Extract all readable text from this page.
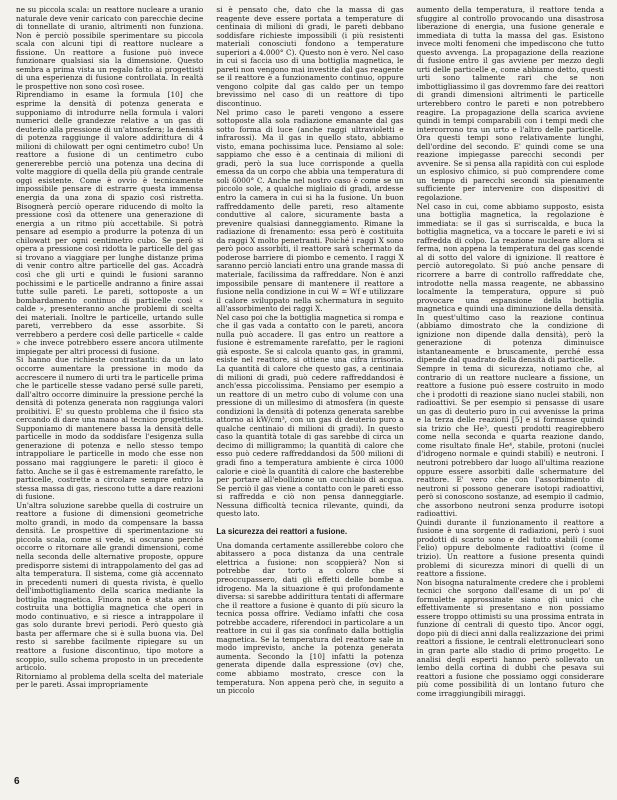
ne su piccola scala: un reattore nucleare a uranio naturale deve venir caricato con parecchie decine di tonnellate di uranio, altrimenti non funziona. Non è perciò possibile sperimentare su piccola scala con alcuni tipi di reattore nucleare a fissione. Un reattore a fusione può invece funzionare qualsiasi sia la dimensione. Questo sembra a prima vista un regalo fatto ai progettisti di una esperienza di fusione controllata. In realtà le prospettive non sono così rosee.

Riprendiamo in esame la formula [10] che esprime la densità di potenza generata e supponiamo di introdurre nella formula i valori numerici delle grandezze relative a un gas di deuterio alla pressione di un'atmosfera; la densità di potenza raggiunge il valore addirittura di 4 milioni di chilowatt per ogni centimetro cubo! Un reattore a fusione di un centimetro cubo genererebbe perciò una potenza una decina di volte maggiore di quella della più grande centrale oggi esistente. Come è ovvio è tecnicamente impossibile pensare di estrarre questa immensa energia da una zona di spazio così ristretta. Bisognerà perciò operare riducendo di molto la pressione così da ottenere una generazione di energia a un ritmo più accettabile. Si potrà pensare ad esempio a produrre la potenza di un chilowatt per ogni centimetro cubo. Se però si opera a pressione così ridotta le particelle del gas si trovano a viaggiare per lunghe distanze prima di venir contro altre particelle del gas. Accadrà così che gli urti e quindi le fusioni saranno pochissimi e le particelle andranno a finire assai tutte sulle pareti. Le pareti, sottoposte a un bombardamento continuo di particelle così « calde », presenteranno anche problemi di scelta dei materiali. Inoltre le particelle, urtando sulle pareti, verrebbero da esse assorbite. Si verrebbero a perdere così delle particelle « calde » che invece potrebbero essere ancora utilmente impiegate per altri processi di fusione.

Si hanno due richieste contrastanti: da un lato occorre aumentare la pressione in modo da accrescere il numero di urti tra le particelle prima che le particelle stesse vadano persé sulle pareti, dall'altro occorre diminuire la pressione perché la densità di potenza generata non raggiunga valori proibitivi. E' su questo problema che il fisico sta cercando di dare una mano al tecnico progettista. Supponiamo di mantenere bassa la densità delle particelle in modo da soddisfare l'esigenza sulla generazione di potenza e nello stesso tempo intrappoliare le particelle in modo che esse non possano mai raggiungere le pareti: il gioco è fatto. Anche se il gas è estremamente rarefatto, le particelle, costrette a circolare sempre entro la stessa massa di gas, riescono tutte a dare reazioni di fusione.

Un'altra soluzione sarebbe quella di costruire un reattore a fusione di dimensioni geometriche molto grandi, in modo da compensare la bassa densità. Le prospettive di sperimentazione su piccola scala, come si vede, si oscurano perché occorre o ritornare alle grandi dimensioni, come nella seconda delle alternative proposte, oppure predisporre sistemi di intrappolamento del gas ad alta temperatura. Il sistema, come già accennato in precedenti numeri di questa rivista, è quello dell'imbottigliamento della scarica mediante la bottiglia magnetica. Finora non è stata ancora costruita una bottiglia magnetica che operi in modo continuativo, e si riesce a intrappolare il gas solo durante brevi periodi. Però questo già basta per affermare che si è sulla buona via. Del resto si sarebbe facilmente ripiegare su un reattore a fusione discontinuo, tipo motore a scoppio, sullo schema proposto in un precedente articolo.

Ritorniamo al problema della scelta del materiale per le pareti. Assai impropriamente

si è pensato che, dato che la massa di gas reagente deve essere portata a temperature di centinaia di milioni di gradi, le pareti debbano soddisfare richieste impossibili (i più resistenti materiali conosciuti fondono a temperature superiori a 4.000° C). Questo non è vero. Nel caso in cui si faccia uso di una bottiglia magnetica, le pareti non vengono mai investite dal gas reagente se il reattore è a funzionamento continuo, oppure vengono colpite dal gas caldo per un tempo brevissimo nel caso di un reattore di tipo discontinuo.

Nel primo caso le pareti vengono a essere sottoposte alla sola radiazione emanante dal gas sotto forma di luce (anche raggi ultravioletti e infrarossi). Ma il gas in quello stato, abbiamo visto, emana pochissima luce. Pensiamo al sole: sappiamo che esso è a centinaia di milioni di gradi, però la sua luce corrisponde a quella emessa da un corpo che abbia una temperatura di soli 6000° C. Anche nel nostro caso è come se un piccolo sole, a qualche migliaio di gradi, ardesse entro la camera in cui si ha la fusione. Un buon raffreddamento delle pareti, reso altamente conduttive al calore, sicuramente basta a prevenire qualsiasi danneggiamento. Rimane la radiazione di frenamento: essa però è costituita da raggi X molto penetranti. Poiché i raggi X sono però poco assorbiti, il reattore sarà schermato da poderose barriere di piombo e cemento. I raggi X saranno perciò lanciati entro una grande massa di materiale, facilissima da raffreddare. Non è anzi impossibile pensare di mantenere il reattore a fusione nella condizione in cui W = Wf e utilizzare il calore sviluppato nella schermatura in seguito all'assorbimento dei raggi X.

Nel caso poi che la bottiglia magnetica si rompa e che il gas vada a contatto con le pareti, ancora nulla può accadere. Il gas entro un reattore a fusione è estremamente rarefatto, per le ragioni già esposte. Se si calcola quanto gas, in grammi, esiste nel reattore, si ottiene una cifra irrisoria. La quantità di calore che questo gas, a centinaia di milioni di gradi, può cedere raffreddandosi è anch'essa piccolissima. Pensiamo per esempio a un reattore di un metro cubo di volume con una pressione di un millesimo di atmosfera (in queste condizioni la densità di potenza generata sarebbe attorno ai kW/cm³, con un gas di deuterio puro a qualche centinaio di milioni di gradi). In questo caso la quantità totale di gas sarebbe di circa un decimo di milligrammo; la quantità di calore che esso può cedere raffreddandosi da 500 milioni di gradi fino a temperatura ambiente è circa 1000 calorie e cioè la quantità di calore che basterebbe per portare all'ebollizione un cucchiaio di acqua. Se perciò il gas viene a contatto con le pareti esso si raffredda e ciò non pensa danneggiarle. Nessuna difficoltà tecnica rilevante, quindi, da questo lato.

La sicurezza dei reattori a fusione.

Una domanda certamente assillerebbe coloro che abitassero a poca distanza da una centrale elettrica a fusione: non scoppierà? Non si potrebbe dar torto a coloro che si preoccupassero, dati gli effetti delle bombe a idrogeno. Ma la situazione è qui profondamente diversa: si sarebbe addirittura tentati di affermare che il reattore a fusione è quanto di più sicuro la tecnica possa offrire. Vediamo infatti che cosa potrebbe accadere, riferendoci in particolare a un reattore in cui il gas sia confinato dalla bottiglia magnetica. Se la temperatura del reattore sale in modo imprevisto, anche la potenza generata aumenta. Secondo la [10] infatti la potenza generata dipende dalla espressione (σv) che, come abbiamo mostrato, cresce con la temperatura. Non appena però che, in seguito a un piccolo

aumento della temperatura, il reattore tenda a sfuggire al controllo provocando una disastrosa liberazione di energia, una fusione generale e immediata di tutta la massa del gas. Esistono invece molti fenomeni che impediscono che tutto questo avvenga. La propagazione della reazione di fusione entro il gas avviene per mezzo degli urti delle particelle e, come abbiamo detto, questi urti sono talmente rari che se non imbottigliassimo il gas dovremmo fare dei reattori di grandi dimensioni altrimenti le particelle urterebbero contro le pareti e non potrebbero reagire. La propagazione della scarica avviene quindi in tempi comparabili con i tempi medi che intercorrono tra un urto e l'altro delle particelle. Ora questi tempi sono relativamente lunghi, dell'ordine del secondo. E' quindi come se una reazione impiegasse parecchi secondi per avvenire. Se si pensa alla rapidità con cui esplode un esplosivo chimico, si può comprendere come un tempo di parecchi secondi sia pienamente sufficiente per intervenire con dispositivi di regolazione.

Nel caso in cui, come abbiamo supposto, esista una bottiglia magnetica, la regolazione è immediata: se il gas si surriscalda, e buca la bottiglia magnetica, va a toccare le pareti e ivi si raffredda di colpo. La reazione nucleare allora si ferma, non appena la temperatura del gas scende al di sotto del valore di ignizione. Il reattore è perciò autoregolato. Si può anche pensare di ricorrere a barre di controllo raffreddate che, introdotte nella massa reagente, ne abbassino localmente la temperatura, oppure si può provocare una espansione della bottiglia magnetica e quindi una diminuzione della densità. In quest'ultimo caso la reazione continua (abbiamo dimostrato che la condizione di ignizione non dipende dalla densità), però la generazione di potenza diminuisce istantaneamente e bruscamente, perché essa dipende dal quadrato della densità di particelle.

Sempre in tema di sicurezza, notiamo che, al contrario di un reattore nucleare a fissione, un reattore a fusione può essere costruito in modo che i prodotti di reazione siano nuclei stabili, non radioattivi. Se per esempio si pensasse di usare un gas di deuterio puro in cui avvenisse la prima e la terza delle reazioni [5] e si formasse quindi sia trizio che He³, questi prodotti reagirebbero come nella seconda e quarta reazione dando, come risultato finale He⁴, stabile, protoni (nuclei d'idrogeno normale e quindi stabili) e neutroni. I neutroni potrebbero dar luogo all'ultima reazione oppure essere assorbiti dalle schermature del reattore. E' vero che con l'assorbimento di neutroni si possono generare isotopi radioattivi, però si conoscono sostanze, ad esempio il cadmio, che assorbono neutroni senza produrre isotopi radioattivi.

Quindi durante il funzionamento il reattore a fusione è una sorgente di radiazioni, però i suoi prodotti di scarto sono e del tutto stabili (come l'elio) oppure debolmente radioattivi (come il trizio). Un reattore a fusione presenta quindi problemi di sicurezza minori di quelli di un reattore a fissione.

Non bisogna naturalmente credere che i problemi tecnici che sorgono dall'esame di un po' di formulette approssimate siano gli unici che effettivamente si presentano e non possiamo essere troppo ottimisti su una prossima entrata in funzione di centrali di questo tipo. Ancor oggi, dopo più di dieci anni dalla realizzazione dei primi reattori a fissione, le centrali elettronucleari sono in gran parte allo stadio di primo progetto. Le analisi degli esperti hanno però sollevato un lembo della cortina di dubbi che pesava sui reattori a fusione che possiamo oggi considerare più come possibilità di un lontano futuro che come irraggiungibili miraggi.

6
